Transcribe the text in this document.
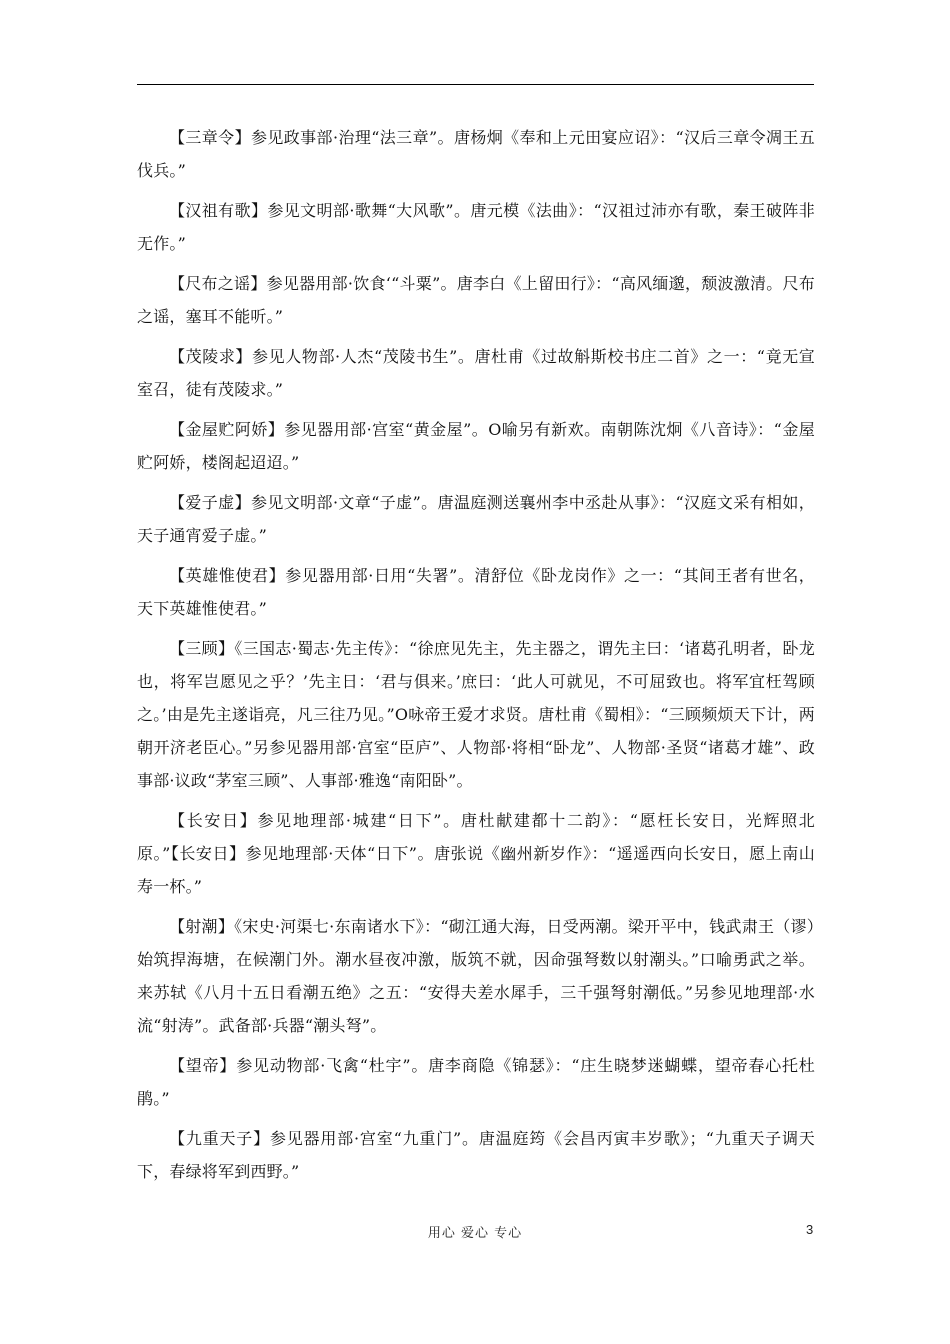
【三章令】参见政事部·治理“法三章”。唐杨炯《奉和上元田宴应诏》：“汉后三章令凋王五伐兵。”

【汉祖有歌】参见文明部·歌舞“大风歌”。唐元模《法曲》：“汉祖过沛亦有歌，秦王破阵非无作。”

【尺布之谣】参见器用部·饮食‘“斗粟”。唐李白《上留田行》：“高风缅邈，颓波激清。尺布之谣，塞耳不能听。”

【茂陵求】参见人物部·人杰“茂陵书生”。唐杜甫《过故斛斯校书庄二首》之一：“竟无宣室召，徒有茂陵求。”

【金屋贮阿娇】参见器用部·宫室“黄金屋”。O喻另有新欢。南朝陈沈炯《八音诗》：“金屋贮阿娇，楼阁起迢迢。”

【爱子虚】参见文明部·文章“子虚”。唐温庭测送襄州李中丞赴从事》：“汉庭文采有相如，天子通宵爱子虚。”

【英雄惟使君】参见器用部·日用“失署”。清舒位《卧龙岗作》之一：“其间王者有世名，天下英雄惟使君。”

【三顾】《三国志·蜀志·先主传》：“徐庶见先主，先主器之，谓先主曰：‘诸葛孔明者，卧龙也，将军岂愿见之乎？’先主日：‘君与俱来。’庶曰：‘此人可就见，不可屈致也。将军宜枉驾顾之。’由是先主遂诣亮，凡三往乃见。”O咏帝王爱才求贤。唐杜甫《蜀相》：“三顾频烦天下计，两朝开济老臣心。”另参见器用部·宫室“臣庐”、人物部·将相“卧龙”、人物部·圣贤“诸葛才雄”、政事部·议政“茅室三顾”、人事部·雅逸“南阳卧”。

【长安日】参见地理部·城建“日下”。唐杜献建都十二韵》：“愿枉长安日，光辉照北原。”【长安日】参见地理部·天体“日下”。唐张说《幽州新岁作》：“遥遥西向长安日，愿上南山寿一杯。”

【射潮】《宋史·河渠七·东南诸水下》：“砌江通大海，日受两潮。梁开平中，钱武肃王（谬）始筑捍海塘，在候潮门外。潮水昼夜冲激，版筑不就，因命强弩数以射潮头。”口喻勇武之举。来苏轼《八月十五日看潮五绝》之五：“安得夫差水犀手，三千强弩射潮低。”另参见地理部·水流“射涛”。武备部·兵器“潮头弩”。

【望帝】参见动物部·飞禽“杜宇”。唐李商隐《锦瑟》：“庄生晓梦迷蝴蝶，望帝春心托杜鹃。”

【九重天子】参见器用部·宫室“九重门”。唐温庭筠《会昌丙寅丰岁歌》；“九重天子调天下，春绿将军到西野。”

用心 爱心 专心	3
